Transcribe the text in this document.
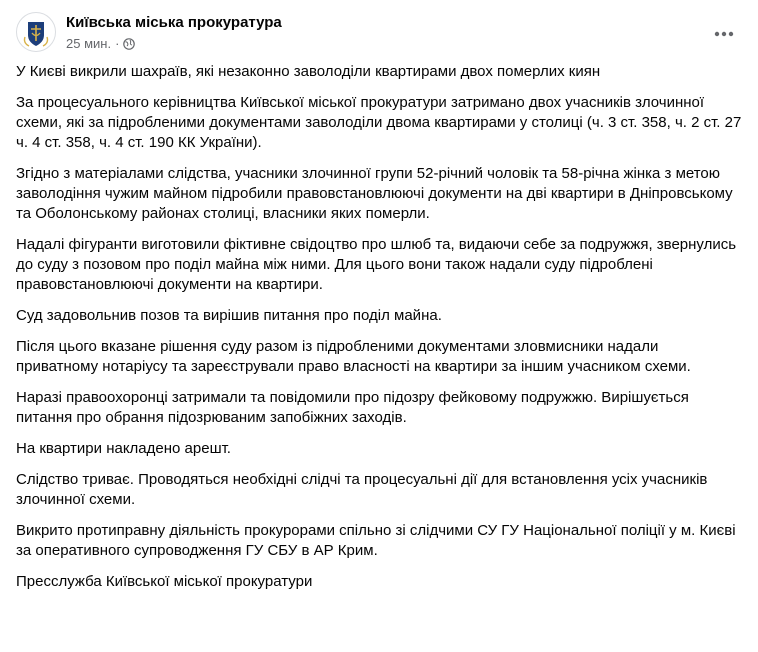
Київська міська прокуратура
25 мин. ·

У Києві викрили шахраїв, які незаконно заволоділи квартирами двох померлих киян

За процесуального керівництва Київської міської прокуратури затримано двох учасників злочинної схеми, які за підробленими документами заволоділи двома квартирами у столиці (ч. 3 ст. 358, ч. 2 ст. 27 ч. 4 ст. 358, ч. 4 ст. 190 КК України).

Згідно з матеріалами слідства, учасники злочинної групи 52-річний чоловік та 58-річна жінка з метою заволодіння чужим майном підробили правовстановлюючі документи на дві квартири в Дніпровському та Оболонському районах столиці, власники яких померли.

Надалі фігуранти виготовили фіктивне свідоцтво про шлюб та, видаючи себе за подружжя, звернулись до суду з позовом про поділ майна між ними. Для цього вони також надали суду підроблені правовстановлюючі документи на квартири.

Суд задовольнив позов та вирішив питання про поділ майна.

Після цього вказане рішення суду разом із підробленими документами зловмисники надали приватному нотаріусу та зареєстрували право власності на квартири за іншим учасником схеми.

Наразі правоохоронці затримали та повідомили про підозру фейковому подружжю. Вирішується питання про обрання підозрюваним запобіжних заходів.

На квартири накладено арешт.

Слідство триває. Проводяться необхідні слідчі та процесуальні дії для встановлення усіх учасників злочинної схеми.

Викрито протиправну діяльність прокурорами спільно зі слідчими СУ ГУ Національної поліції у м. Києві за оперативного супроводження ГУ СБУ в АР Крим.

Пресслужба Київської міської прокуратури
